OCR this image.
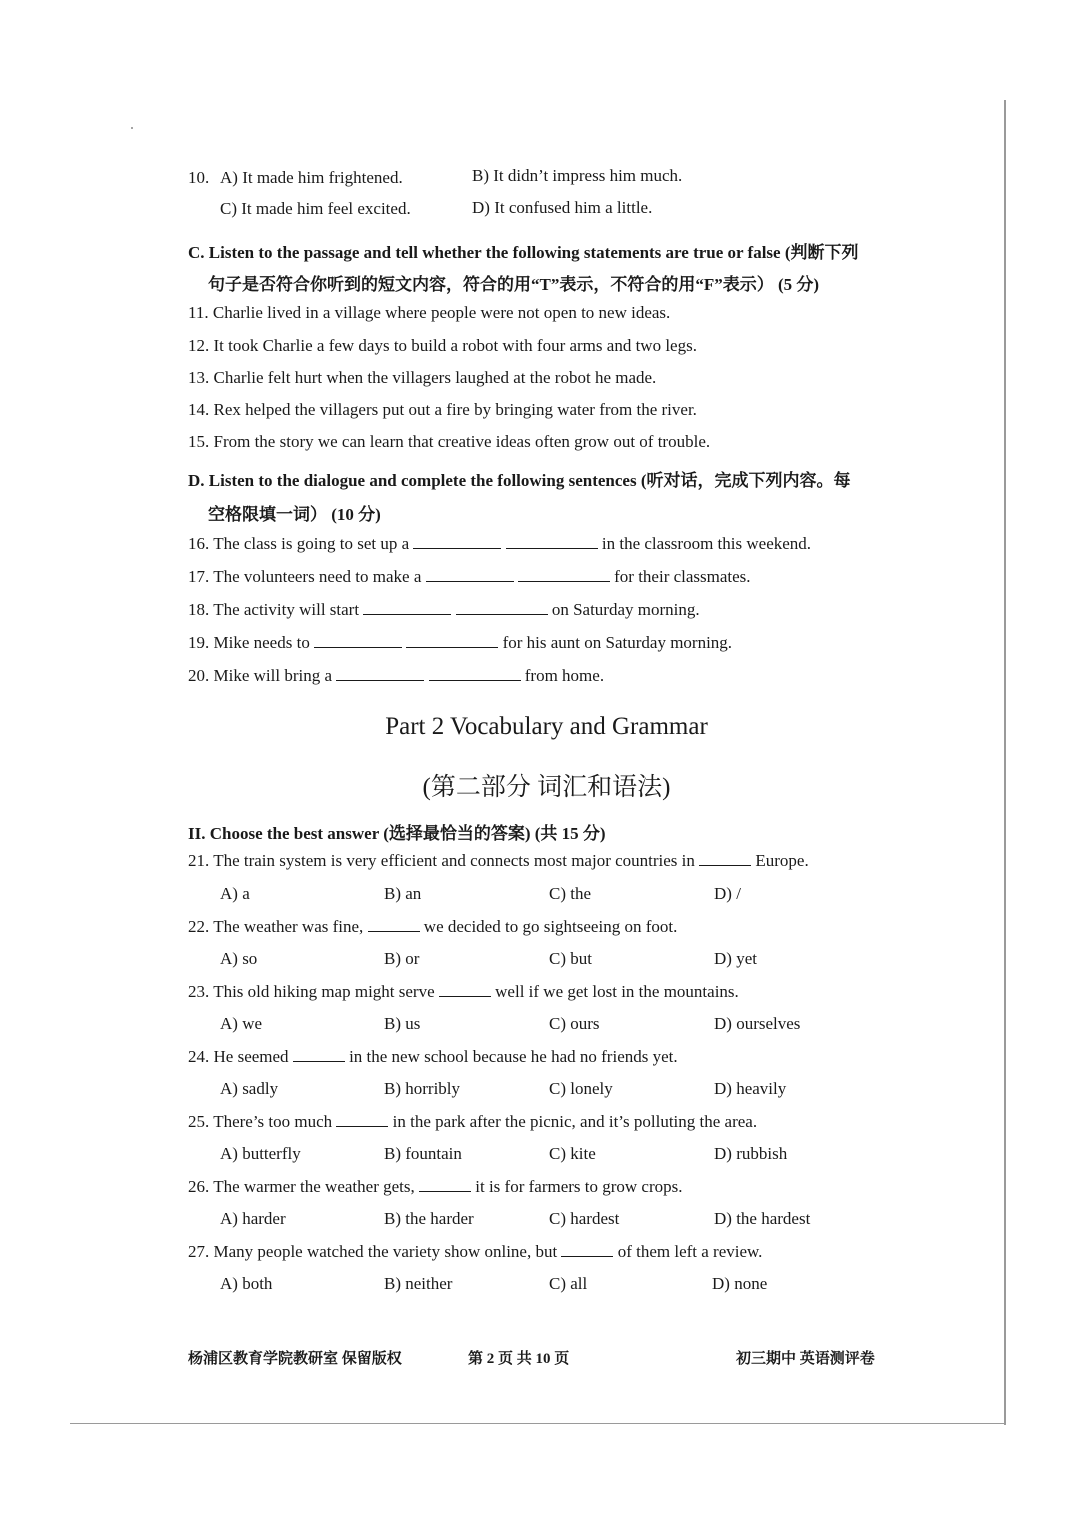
10. A) It made him frightened.	B) It didn’t impress him much.
C) It made him feel excited.	D) It confused him a little.
C. Listen to the passage and tell whether the following statements are true or false (判断下列
句子是否符合你听到的短文内容，符合的用“T”表示，不符合的用“F”表示） (5 分)
11. Charlie lived in a village where people were not open to new ideas.
12. It took Charlie a few days to build a robot with four arms and two legs.
13. Charlie felt hurt when the villagers laughed at the robot he made.
14. Rex helped the villagers put out a fire by bringing water from the river.
15. From the story we can learn that creative ideas often grow out of trouble.
D. Listen to the dialogue and complete the following sentences (听对话，完成下列内容。每
空格限填一词） (10 分)
16. The class is going to set up a	in the classroom this weekend.
17. The volunteers need to make a	for their classmates.
18. The activity will start	on Saturday morning.
19. Mike needs to	for his aunt on Saturday morning.
20. Mike will bring a	from home.
Part 2 Vocabulary and Grammar
(第二部分 词汇和语法)
II. Choose the best answer (选择最恰当的答案) (共 15 分)
21. The train system is very efficient and connects most major countries in	Europe.
A) a	B) an	C) the	D) /
22. The weather was fine,	we decided to go sightseeing on foot.
A) so	B) or	C) but	D) yet
23. This old hiking map might serve	well if we get lost in the mountains.
A) we	B) us	C) ours	D) ourselves
24. He seemed	in the new school because he had no friends yet.
A) sadly	B) horribly	C) lonely	D) heavily
25. There’s too much	in the park after the picnic, and it’s polluting the area.
A) butterfly	B) fountain	C) kite	D) rubbish
26. The warmer the weather gets,	it is for farmers to grow crops.
A) harder	B) the harder	C) hardest	D) the hardest
27. Many people watched the variety show online, but	of them left a review.
A) both	B) neither	C) all	D) none
杨浦区教育学院教研室 保留版权	第 2 页 共 10 页	初三期中 英语测评卷
